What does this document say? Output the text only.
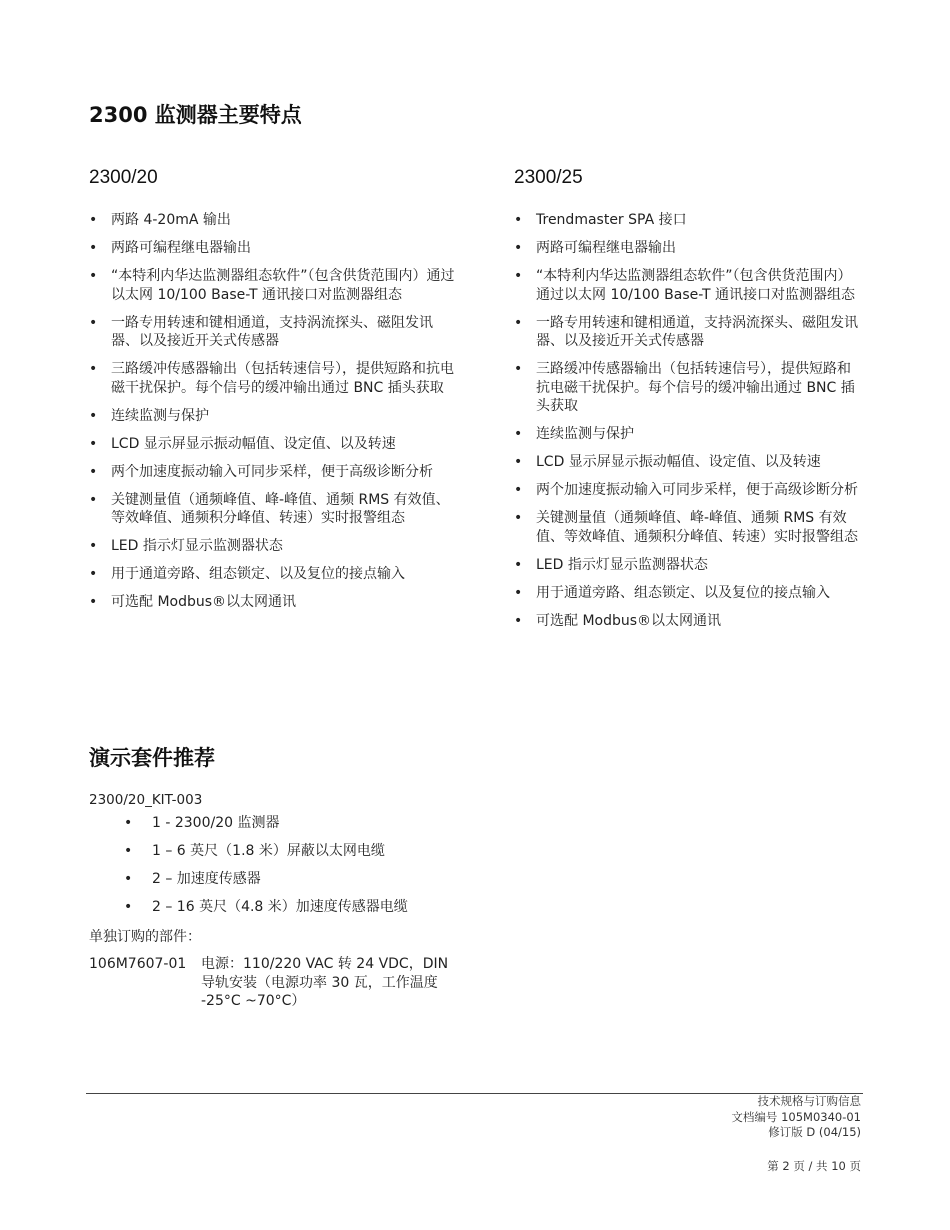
2300 监测器主要特点
2300/20
• 两路 4-20mA 输出
• 两路可编程继电器输出
• “本特利内华达监测器组态软件”（包含供货范围内）通过以太网 10/100 Base-T 通讯接口对监测器组态
• 一路专用转速和键相通道，支持涡流探头、磁阻发讯器、以及接近开关式传感器
• 三路缓冲传感器输出（包括转速信号），提供短路和抗电磁干扰保护。每个信号的缓冲输出通过 BNC 插头获取
• 连续监测与保护
• LCD 显示屏显示振动幅值、设定值、以及转速
• 两个加速度振动输入可同步采样，便于高级诊断分析
• 关键测量值（通频峰值、峰-峰值、通频 RMS 有效值、等效峰值、通频积分峰值、转速）实时报警组态
• LED 指示灯显示监测器状态
• 用于通道旁路、组态锁定、以及复位的接点输入
• 可选配 Modbus®以太网通讯
2300/25
• Trendmaster SPA 接口
• 两路可编程继电器输出
• “本特利内华达监测器组态软件”（包含供货范围内）通过以太网 10/100 Base-T 通讯接口对监测器组态
• 一路专用转速和键相通道，支持涡流探头、磁阻发讯器、以及接近开关式传感器
• 三路缓冲传感器输出（包括转速信号），提供短路和抗电磁干扰保护。每个信号的缓冲输出通过 BNC 插头获取
• 连续监测与保护
• LCD 显示屏显示振动幅值、设定值、以及转速
• 两个加速度振动输入可同步采样，便于高级诊断分析
• 关键测量值（通频峰值、峰-峰值、通频 RMS 有效值、等效峰值、通频积分峰值、转速）实时报警组态
• LED 指示灯显示监测器状态
• 用于通道旁路、组态锁定、以及复位的接点输入
• 可选配 Modbus®以太网通讯
演示套件推荐
2300/20_KIT-003
• 1 - 2300/20 监测器
• 1 – 6 英尺（1.8 米）屏蔽以太网电缆
• 2 – 加速度传感器
• 2 – 16 英尺（4.8 米）加速度传感器电缆
单独订购的部件：
106M7607-01	电源：110/220 VAC 转 24 VDC，DIN 导轨安装（电源功率 30 瓦，工作温度 -25°C ~70°C）
技术规格与订购信息
文档编号 105M0340-01
修订版 D (04/15)
第 2 页 / 共 10 页
